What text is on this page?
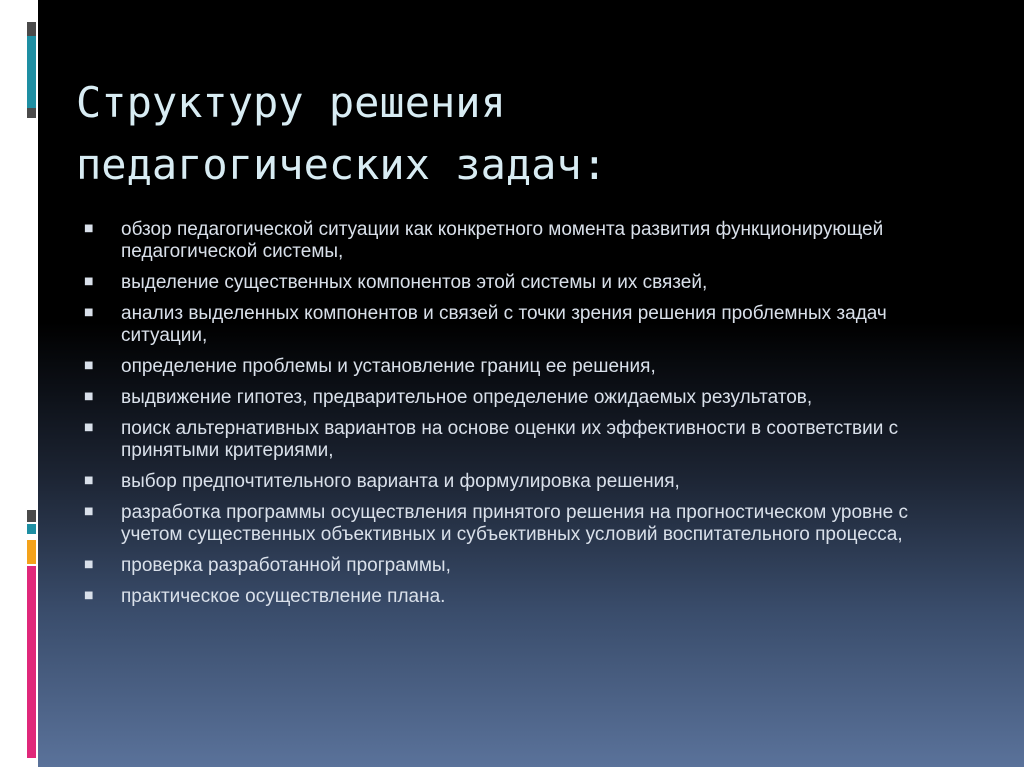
Структуру решения
педагогических задач:
■	обзор педагогической ситуации как конкретного момента развития функционирующей педагогической системы,
■	выделение существенных компонентов этой системы и их связей,
■	анализ выделенных компонентов и связей с точки зрения решения проблемных задач ситуации,
■	определение проблемы и установление границ ее решения,
■	выдвижение гипотез, предварительное определение ожидаемых результатов,
■	поиск альтернативных вариантов на основе оценки их эффективности в соответствии с принятыми критериями,
■	выбор предпочтительного варианта и формулировка решения,
■	разработка программы осуществления принятого решения на прогностическом уровне с учетом существенных объективных и субъективных условий воспитательного процесса,
■	проверка разработанной программы,
■	практическое осуществление плана.
